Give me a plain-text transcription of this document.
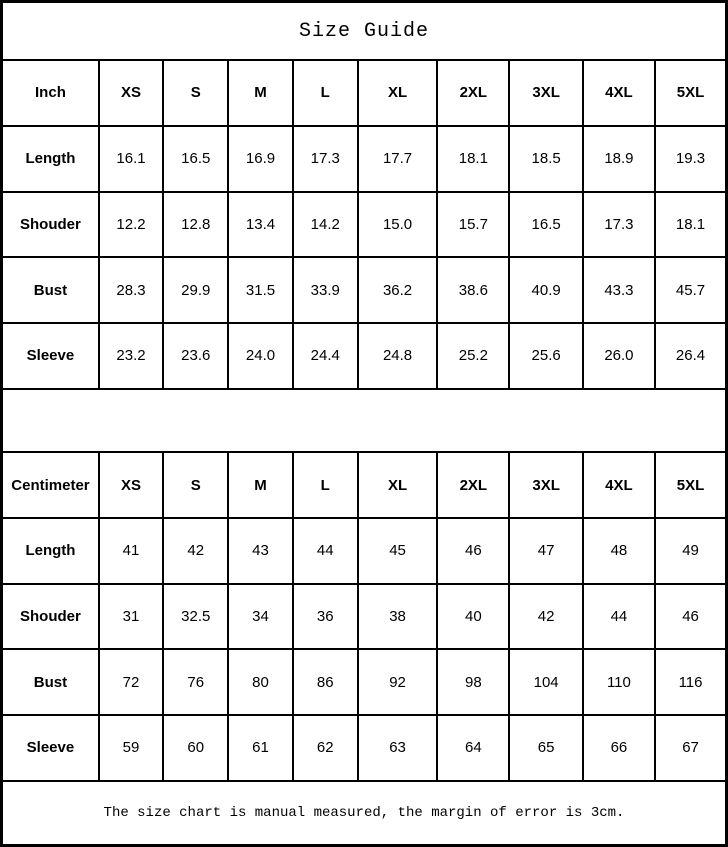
Size Guide									
Inch	XS	S	M	L	XL	2XL	3XL	4XL	5XL
Length	16.1	16.5	16.9	17.3	17.7	18.1	18.5	18.9	19.3
Shouder	12.2	12.8	13.4	14.2	15.0	15.7	16.5	17.3	18.1
Bust	28.3	29.9	31.5	33.9	36.2	38.6	40.9	43.3	45.7
Sleeve	23.2	23.6	24.0	24.4	24.8	25.2	25.6	26.0	26.4

Centimeter	XS	S	M	L	XL	2XL	3XL	4XL	5XL
Length	41	42	43	44	45	46	47	48	49
Shouder	31	32.5	34	36	38	40	42	44	46
Bust	72	76	80	86	92	98	104	110	116
Sleeve	59	60	61	62	63	64	65	66	67
The size chart is manual measured, the margin of error is 3cm.									
